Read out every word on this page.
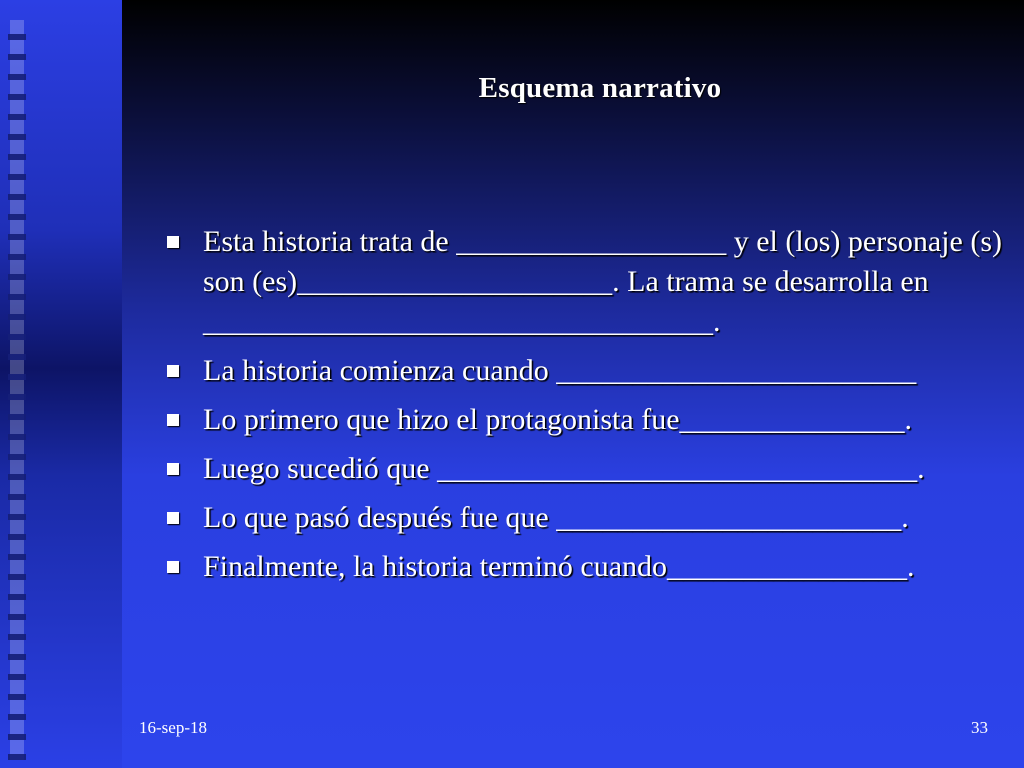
Esquema narrativo
Esta historia trata de __________________ y el (los) personaje (s) son (es)_____________________. La trama se desarrolla en __________________________________.
La historia comienza cuando ________________________
Lo primero que hizo el protagonista fue_______________.
Luego sucedió que ________________________________.
Lo que pasó después fue que _______________________.
Finalmente, la historia terminó cuando________________.
16-sep-18	33
